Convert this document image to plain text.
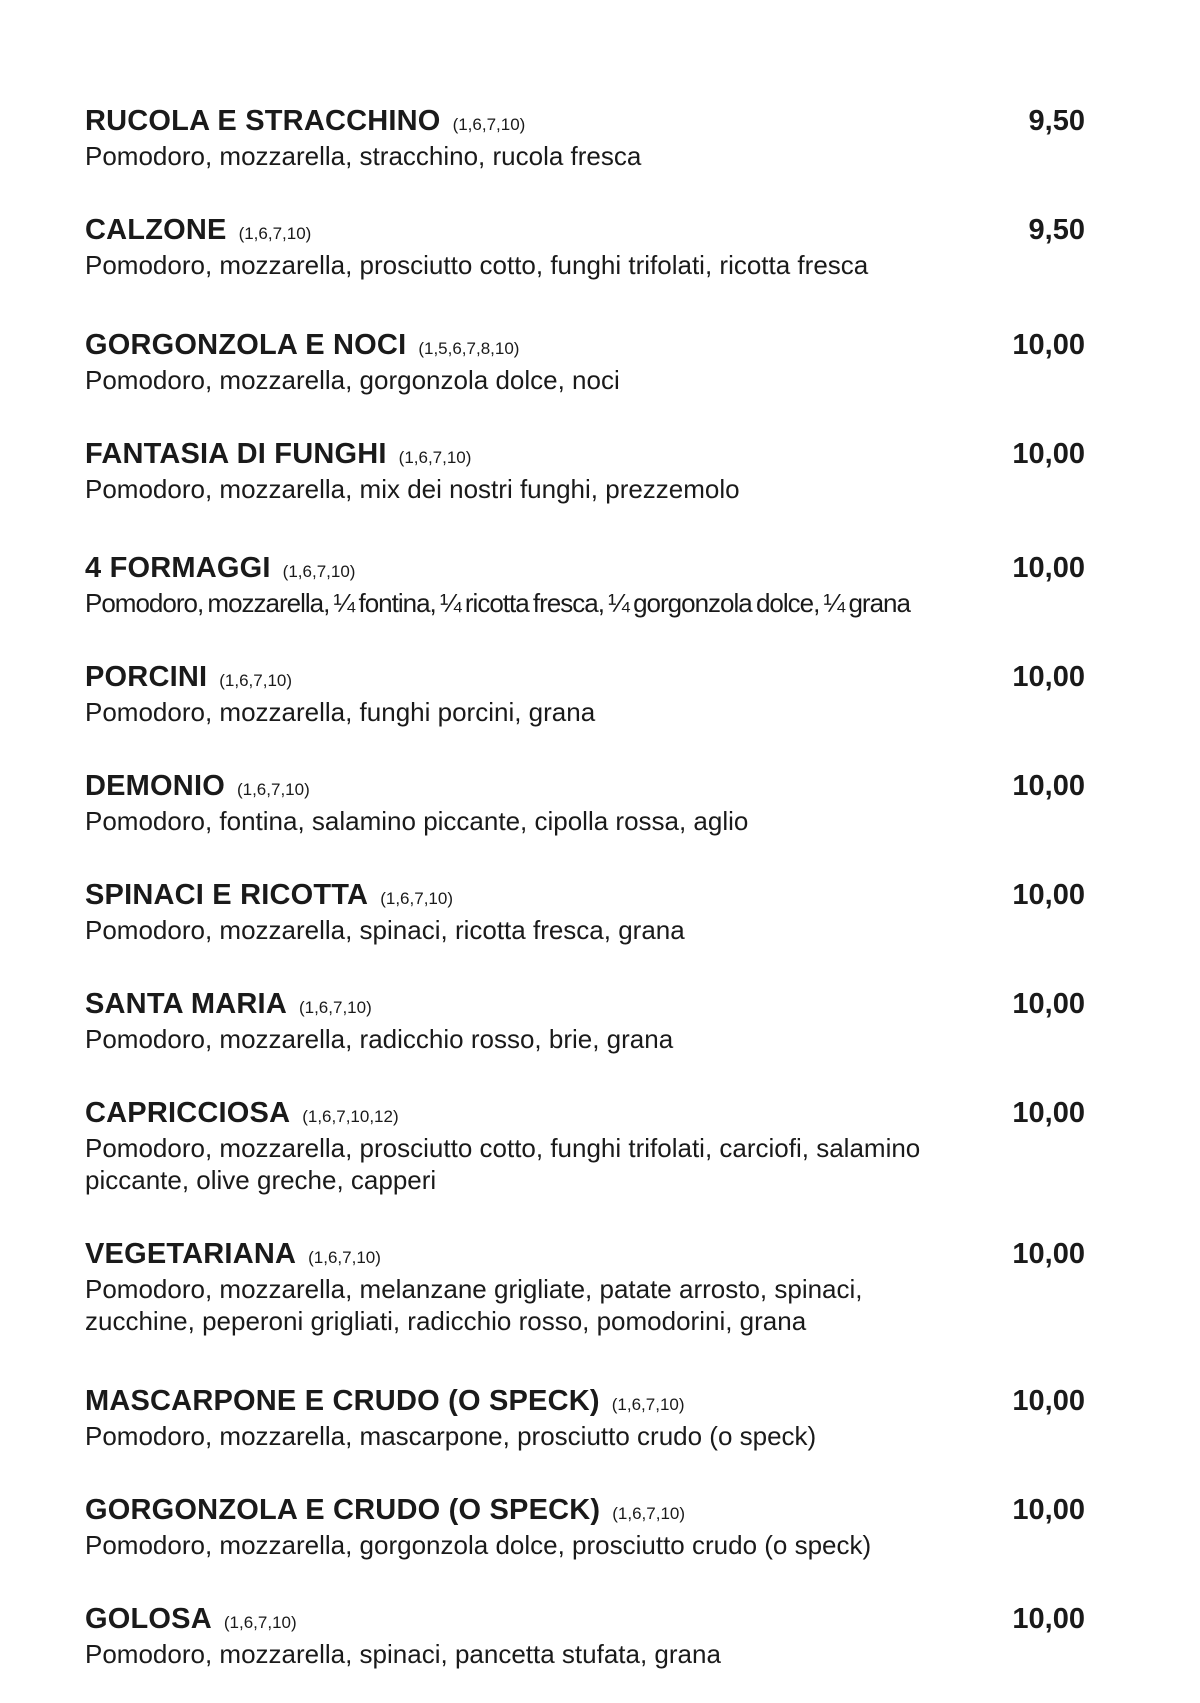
RUCOLA E STRACCHINO (1,6,7,10)	9,50
Pomodoro, mozzarella, stracchino, rucola fresca
CALZONE (1,6,7,10)	9,50
Pomodoro, mozzarella, prosciutto cotto, funghi trifolati, ricotta fresca
GORGONZOLA E NOCI (1,5,6,7,8,10)	10,00
Pomodoro, mozzarella, gorgonzola dolce, noci
FANTASIA DI FUNGHI (1,6,7,10)	10,00
Pomodoro, mozzarella, mix dei nostri funghi, prezzemolo
4 FORMAGGI (1,6,7,10)	10,00
Pomodoro, mozzarella, ¼ fontina, ¼ ricotta fresca, ¼ gorgonzola dolce, ¼ grana
PORCINI (1,6,7,10)	10,00
Pomodoro, mozzarella, funghi porcini, grana
DEMONIO (1,6,7,10)	10,00
Pomodoro, fontina, salamino piccante, cipolla rossa, aglio
SPINACI E RICOTTA (1,6,7,10)	10,00
Pomodoro, mozzarella, spinaci, ricotta fresca, grana
SANTA MARIA (1,6,7,10)	10,00
Pomodoro, mozzarella, radicchio rosso, brie, grana
CAPRICCIOSA (1,6,7,10,12)	10,00
Pomodoro, mozzarella, prosciutto cotto, funghi trifolati, carciofi, salamino piccante, olive greche, capperi
VEGETARIANA (1,6,7,10)	10,00
Pomodoro, mozzarella, melanzane grigliate, patate arrosto, spinaci, zucchine, peperoni grigliati, radicchio rosso, pomodorini, grana
MASCARPONE E CRUDO (O SPECK) (1,6,7,10)	10,00
Pomodoro, mozzarella, mascarpone, prosciutto crudo (o speck)
GORGONZOLA E CRUDO (O SPECK) (1,6,7,10)	10,00
Pomodoro, mozzarella, gorgonzola dolce, prosciutto crudo (o speck)
GOLOSA (1,6,7,10)	10,00
Pomodoro, mozzarella, spinaci, pancetta stufata, grana
